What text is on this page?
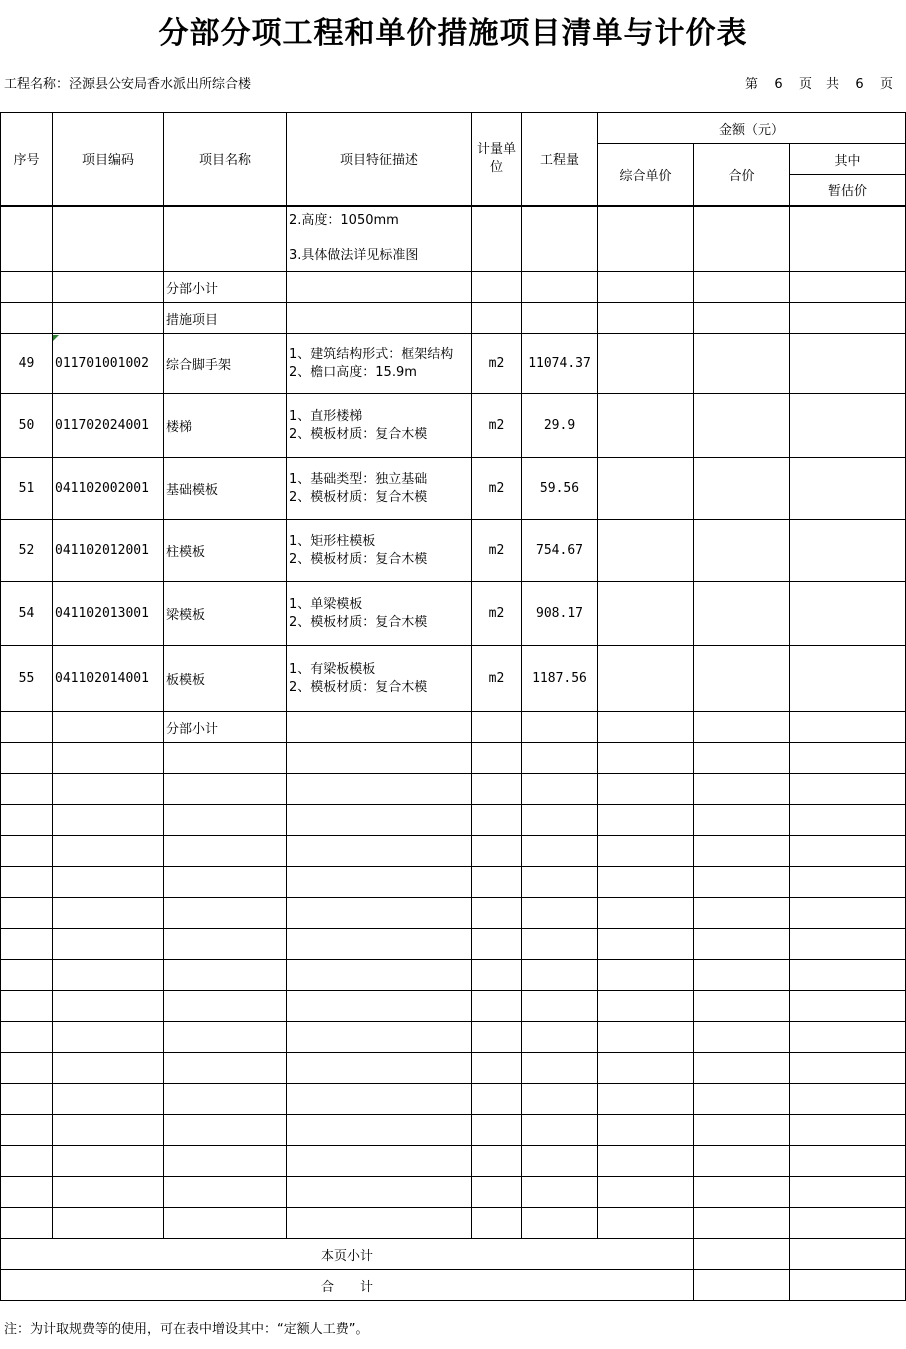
分部分项工程和单价措施项目清单与计价表
工程名称：泾源县公安局香水派出所综合楼	第 6 页 共 6 页
序号	项目编码	项目名称	项目特征描述	计量单位	工程量	金额（元）		
						综合单价	合价	其中
								暂估价

			2.高度：1050mm
3.具体做法详见标准图					

		分部小计	

		措施项目	

49	011701001002	综合脚手架	1、建筑结构形式：框架结构
2、檐口高度：15.9m	m2	11074.37			
50	011702024001	楼梯	1、直形楼梯
2、模板材质：复合木模	m2	29.9			
51	041102002001	基础模板	1、基础类型：独立基础
2、模板材质：复合木模	m2	59.56			
52	041102012001	柱模板	1、矩形柱模板
2、模板材质：复合木模	m2	754.67			
54	041102013001	梁模板	1、单梁模板
2、模板材质：复合木模	m2	908.17			
55	041102014001	板模板	1、有梁板模板
2、模板材质：复合木模	m2	1187.56			
		分部小计	

本页小计								
合　　计								
注：为计取规费等的使用，可在表中增设其中：“定额人工费”。
